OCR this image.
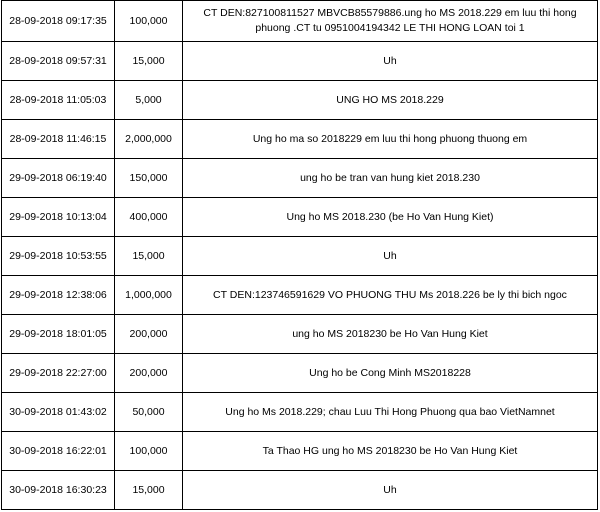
28-09-2018 09:17:35	100,000	CT DEN:827100811527 MBVCB85579886.ung ho MS 2018.229 em luu thi hong phuong .CT tu 0951004194342 LE THI HONG LOAN toi 1
28-09-2018 09:57:31	15,000	Uh
28-09-2018 11:05:03	5,000	UNG HO MS 2018.229
28-09-2018 11:46:15	2,000,000	Ung ho ma so 2018229 em luu thi hong phuong thuong em
29-09-2018 06:19:40	150,000	ung ho be tran van hung kiet 2018.230
29-09-2018 10:13:04	400,000	Ung ho MS 2018.230 (be Ho Van Hung Kiet)
29-09-2018 10:53:55	15,000	Uh
29-09-2018 12:38:06	1,000,000	CT DEN:123746591629 VO PHUONG THU Ms 2018.226 be ly thi bich ngoc
29-09-2018 18:01:05	200,000	ung ho MS 2018230 be Ho Van Hung Kiet
29-09-2018 22:27:00	200,000	Ung ho be Cong Minh MS2018228
30-09-2018 01:43:02	50,000	Ung ho Ms 2018.229; chau Luu Thi Hong Phuong qua bao VietNamnet
30-09-2018 16:22:01	100,000	Ta Thao HG ung ho MS 2018230 be Ho Van Hung Kiet
30-09-2018 16:30:23	15,000	Uh
